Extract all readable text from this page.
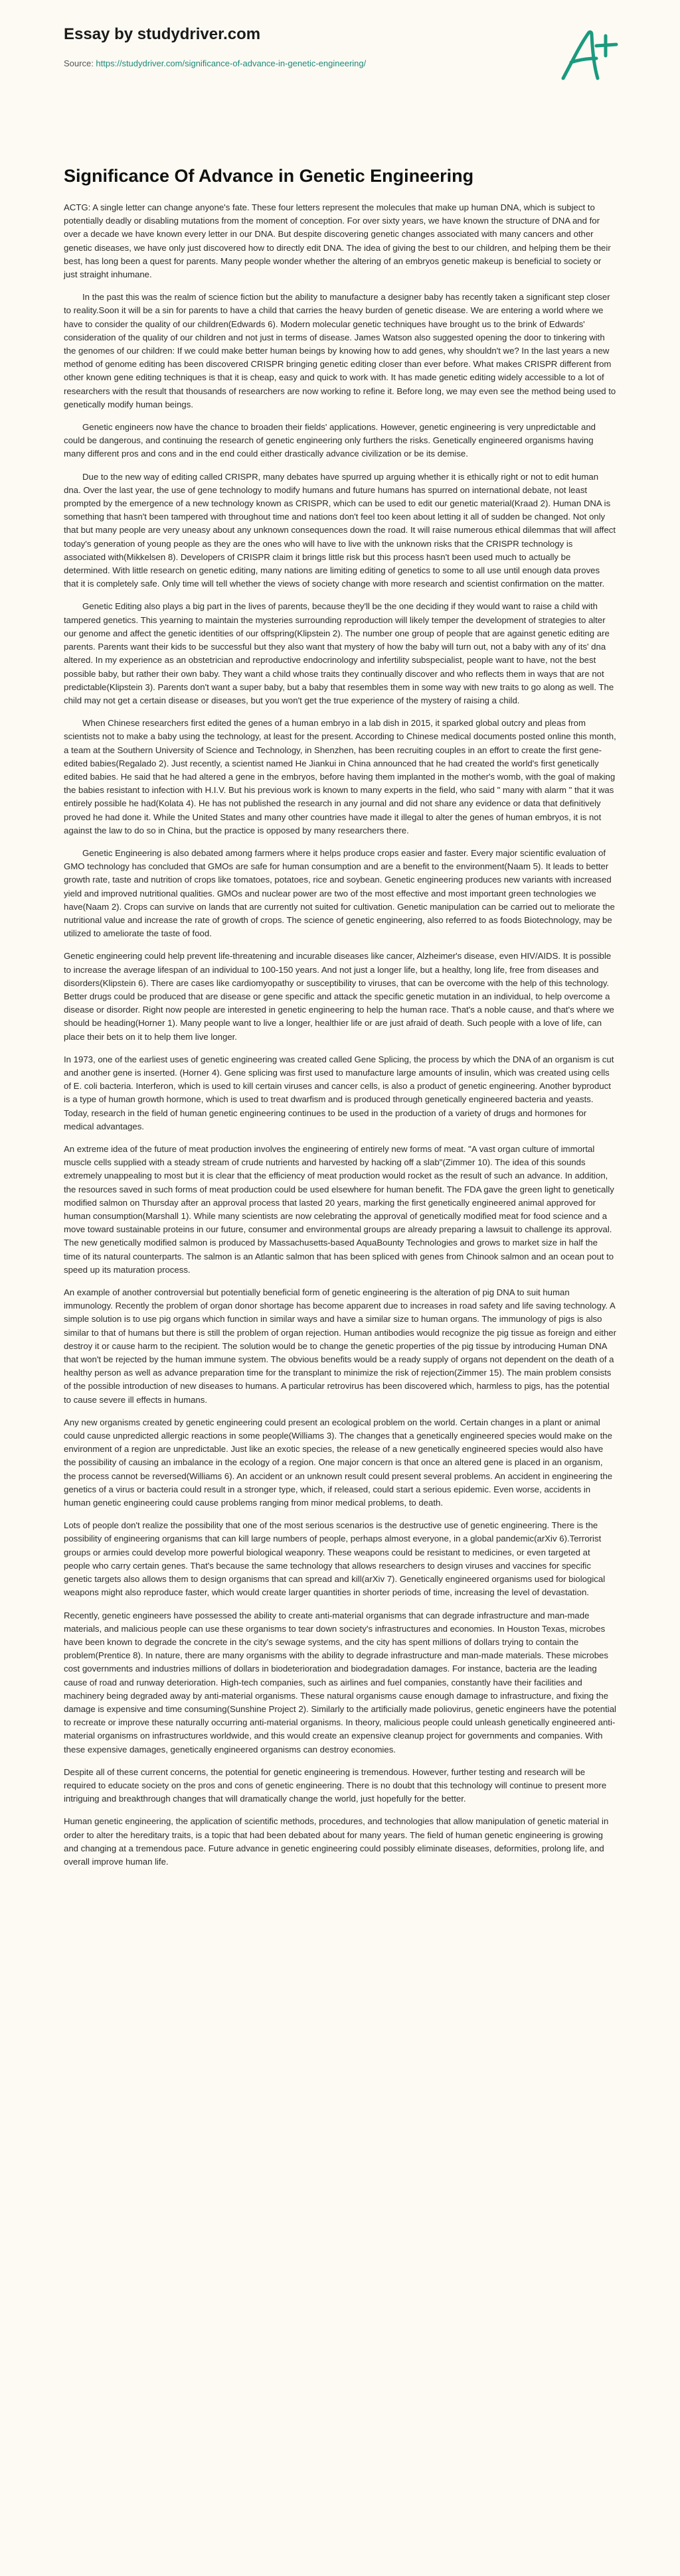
Essay by studydriver.com
Source: https://studydriver.com/significance-of-advance-in-genetic-engineering/
Significance Of Advance in Genetic Engineering

ACTG: A single letter can change anyone's fate. These four letters represent the molecules that make up human DNA, which is subject to potentially deadly or disabling mutations from the moment of conception. For over sixty years, we have known the structure of DNA and for over a decade we have known every letter in our DNA. But despite discovering genetic changes associated with many cancers and other genetic diseases, we have only just discovered how to directly edit DNA. The idea of giving the best to our children, and helping them be their best, has long been a quest for parents. Many people wonder whether the altering of an embryos genetic makeup is beneficial to society or just straight inhumane.

In the past this was the realm of science fiction but the ability to manufacture a designer baby has recently taken a significant step closer to reality.Soon it will be a sin for parents to have a child that carries the heavy burden of genetic disease. We are entering a world where we have to consider the quality of our children(Edwards 6). Modern molecular genetic techniques have brought us to the brink of Edwards' consideration of the quality of our children and not just in terms of disease. James Watson also suggested opening the door to tinkering with the genomes of our children: If we could make better human beings by knowing how to add genes, why shouldn't we? In the last years a new method of genome editing has been discovered CRISPR bringing genetic editing closer than ever before. What makes CRISPR different from other known gene editing techniques is that it is cheap, easy and quick to work with. It has made genetic editing widely accessible to a lot of researchers with the result that thousands of researchers are now working to refine it. Before long, we may even see the method being used to genetically modify human beings.

Genetic engineers now have the chance to broaden their fields' applications. However, genetic engineering is very unpredictable and could be dangerous, and continuing the research of genetic engineering only furthers the risks. Genetically engineered organisms having many different pros and cons and in the end could either drastically advance civilization or be its demise.

Due to the new way of editing called CRISPR, many debates have spurred up arguing whether it is ethically right or not to edit human dna. Over the last year, the use of gene technology to modify humans and future humans has spurred on international debate, not least prompted by the emergence of a new technology known as CRISPR, which can be used to edit our genetic material(Kraad 2). Human DNA is something that hasn't been tampered with throughout time and nations don't feel too keen about letting it all of sudden be changed. Not only that but many people are very uneasy about any unknown consequences down the road. It will raise numerous ethical dilemmas that will affect today's generation of young people as they are the ones who will have to live with the unknown risks that the CRISPR technology is associated with(Mikkelsen 8). Developers of CRISPR claim it brings little risk but this process hasn't been used much to actually be determined. With little research on genetic editing, many nations are limiting editing of genetics to some to all use until enough data proves that it is completely safe. Only time will tell whether the views of society change with more research and scientist confirmation on the matter.

Genetic Editing also plays a big part in the lives of parents, because they'll be the one deciding if they would want to raise a child with tampered genetics. This yearning to maintain the mysteries surrounding reproduction will likely temper the development of strategies to alter our genome and affect the genetic identities of our offspring(Klipstein 2). The number one group of people that are against genetic editing are parents. Parents want their kids to be successful but they also want that mystery of how the baby will turn out, not a baby with any of its' dna altered. In my experience as an obstetrician and reproductive endocrinology and infertility subspecialist, people want to have, not the best possible baby, but rather their own baby. They want a child whose traits they continually discover and who reflects them in ways that are not predictable(Klipstein 3). Parents don't want a super baby, but a baby that resembles them in some way with new traits to go along as well. The child may not get a certain disease or diseases, but you won't get the true experience of the mystery of raising a child.

When Chinese researchers first edited the genes of a human embryo in a lab dish in 2015, it sparked global outcry and pleas from scientists not to make a baby using the technology, at least for the present. According to Chinese medical documents posted online this month, a team at the Southern University of Science and Technology, in Shenzhen, has been recruiting couples in an effort to create the first gene-edited babies(Regalado 2). Just recently, a scientist named He Jiankui in China announced that he had created the world's first genetically edited babies. He said that he had altered a gene in the embryos, before having them implanted in the mother's womb, with the goal of making the babies resistant to infection with H.I.V. But his previous work is known to many experts in the field, who said " many with alarm " that it was entirely possible he had(Kolata 4). He has not published the research in any journal and did not share any evidence or data that definitively proved he had done it. While the United States and many other countries have made it illegal to alter the genes of human embryos, it is not against the law to do so in China, but the practice is opposed by many researchers there.

Genetic Engineering is also debated among farmers where it helps produce crops easier and faster. Every major scientific evaluation of GMO technology has concluded that GMOs are safe for human consumption and are a benefit to the environment(Naam 5). It leads to better growth rate, taste and nutrition of crops like tomatoes, potatoes, rice and soybean. Genetic engineering produces new variants with increased yield and improved nutritional qualities. GMOs and nuclear power are two of the most effective and most important green technologies we have(Naam 2). Crops can survive on lands that are currently not suited for cultivation. Genetic manipulation can be carried out to meliorate the nutritional value and increase the rate of growth of crops. The science of genetic engineering, also referred to as foods Biotechnology, may be utilized to ameliorate the taste of food.

Genetic engineering could help prevent life-threatening and incurable diseases like cancer, Alzheimer's disease, even HIV/AIDS. It is possible to increase the average lifespan of an individual to 100-150 years. And not just a longer life, but a healthy, long life, free from diseases and disorders(Klipstein 6). There are cases like cardiomyopathy or susceptibility to viruses, that can be overcome with the help of this technology. Better drugs could be produced that are disease or gene specific and attack the specific genetic mutation in an individual, to help overcome a disease or disorder. Right now people are interested in genetic engineering to help the human race. That's a noble cause, and that's where we should be heading(Horner 1). Many people want to live a longer, healthier life or are just afraid of death. Such people with a love of life, can place their bets on it to help them live longer.

In 1973, one of the earliest uses of genetic engineering was created called Gene Splicing, the process by which the DNA of an organism is cut and another gene is inserted. (Horner 4). Gene splicing was first used to manufacture large amounts of insulin, which was created using cells of E. coli bacteria. Interferon, which is used to kill certain viruses and cancer cells, is also a product of genetic engineering. Another byproduct is a type of human growth hormone, which is used to treat dwarfism and is produced through genetically engineered bacteria and yeasts. Today, research in the field of human genetic engineering continues to be used in the production of a variety of drugs and hormones for medical advantages.

An extreme idea of the future of meat production involves the engineering of entirely new forms of meat. "A vast organ culture of immortal muscle cells supplied with a steady stream of crude nutrients and harvested by hacking off a slab"(Zimmer 10). The idea of this sounds extremely unappealing to most but it is clear that the efficiency of meat production would rocket as the result of such an advance. In addition, the resources saved in such forms of meat production could be used elsewhere for human benefit. The FDA gave the green light to genetically modified salmon on Thursday after an approval process that lasted 20 years, marking the first genetically engineered animal approved for human consumption(Marshall 1). While many scientists are now celebrating the approval of genetically modified meat for food science and a move toward sustainable proteins in our future, consumer and environmental groups are already preparing a lawsuit to challenge its approval. The new genetically modified salmon is produced by Massachusetts-based AquaBounty Technologies and grows to market size in half the time of its natural counterparts. The salmon is an Atlantic salmon that has been spliced with genes from Chinook salmon and an ocean pout to speed up its maturation process.

An example of another controversial but potentially beneficial form of genetic engineering is the alteration of pig DNA to suit human immunology. Recently the problem of organ donor shortage has become apparent due to increases in road safety and life saving technology. A simple solution is to use pig organs which function in similar ways and have a similar size to human organs. The immunology of pigs is also similar to that of humans but there is still the problem of organ rejection. Human antibodies would recognize the pig tissue as foreign and either destroy it or cause harm to the recipient. The solution would be to change the genetic properties of the pig tissue by introducing Human DNA that won't be rejected by the human immune system. The obvious benefits would be a ready supply of organs not dependent on the death of a healthy person as well as advance preparation time for the transplant to minimize the risk of rejection(Zimmer 15). The main problem consists of the possible introduction of new diseases to humans. A particular retrovirus has been discovered which, harmless to pigs, has the potential to cause severe ill effects in humans.

Any new organisms created by genetic engineering could present an ecological problem on the world. Certain changes in a plant or animal could cause unpredicted allergic reactions in some people(Williams 3). The changes that a genetically engineered species would make on the environment of a region are unpredictable. Just like an exotic species, the release of a new genetically engineered species would also have the possibility of causing an imbalance in the ecology of a region. One major concern is that once an altered gene is placed in an organism, the process cannot be reversed(Williams 6). An accident or an unknown result could present several problems. An accident in engineering the genetics of a virus or bacteria could result in a stronger type, which, if released, could start a serious epidemic. Even worse, accidents in human genetic engineering could cause problems ranging from minor medical problems, to death.

Lots of people don't realize the possibility that one of the most serious scenarios is the destructive use of genetic engineering. There is the possibility of engineering organisms that can kill large numbers of people, perhaps almost everyone, in a global pandemic(arXiv 6).Terrorist groups or armies could develop more powerful biological weaponry. These weapons could be resistant to medicines, or even targeted at people who carry certain genes. That's because the same technology that allows researchers to design viruses and vaccines for specific genetic targets also allows them to design organisms that can spread and kill(arXiv 7). Genetically engineered organisms used for biological weapons might also reproduce faster, which would create larger quantities in shorter periods of time, increasing the level of devastation.

Recently, genetic engineers have possessed the ability to create anti-material organisms that can degrade infrastructure and man-made materials, and malicious people can use these organisms to tear down society's infrastructures and economies. In Houston Texas, microbes have been known to degrade the concrete in the city's sewage systems, and the city has spent millions of dollars trying to contain the problem(Prentice 8). In nature, there are many organisms with the ability to degrade infrastructure and man-made materials. These microbes cost governments and industries millions of dollars in biodeterioration and biodegradation damages. For instance, bacteria are the leading cause of road and runway deterioration. High-tech companies, such as airlines and fuel companies, constantly have their facilities and machinery being degraded away by anti-material organisms. These natural organisms cause enough damage to infrastructure, and fixing the damage is expensive and time consuming(Sunshine Project 2). Similarly to the artificially made poliovirus, genetic engineers have the potential to recreate or improve these naturally occurring anti-material organisms. In theory, malicious people could unleash genetically engineered anti-material organisms on infrastructures worldwide, and this would create an expensive cleanup project for governments and companies. With these expensive damages, genetically engineered organisms can destroy economies.

Despite all of these current concerns, the potential for genetic engineering is tremendous. However, further testing and research will be required to educate society on the pros and cons of genetic engineering. There is no doubt that this technology will continue to present more intriguing and breakthrough changes that will dramatically change the world, just hopefully for the better.

Human genetic engineering, the application of scientific methods, procedures, and technologies that allow manipulation of genetic material in order to alter the hereditary traits, is a topic that had been debated about for many years. The field of human genetic engineering is growing and changing at a tremendous pace. Future advance in genetic engineering could possibly eliminate diseases, deformities, prolong life, and overall improve human life.
